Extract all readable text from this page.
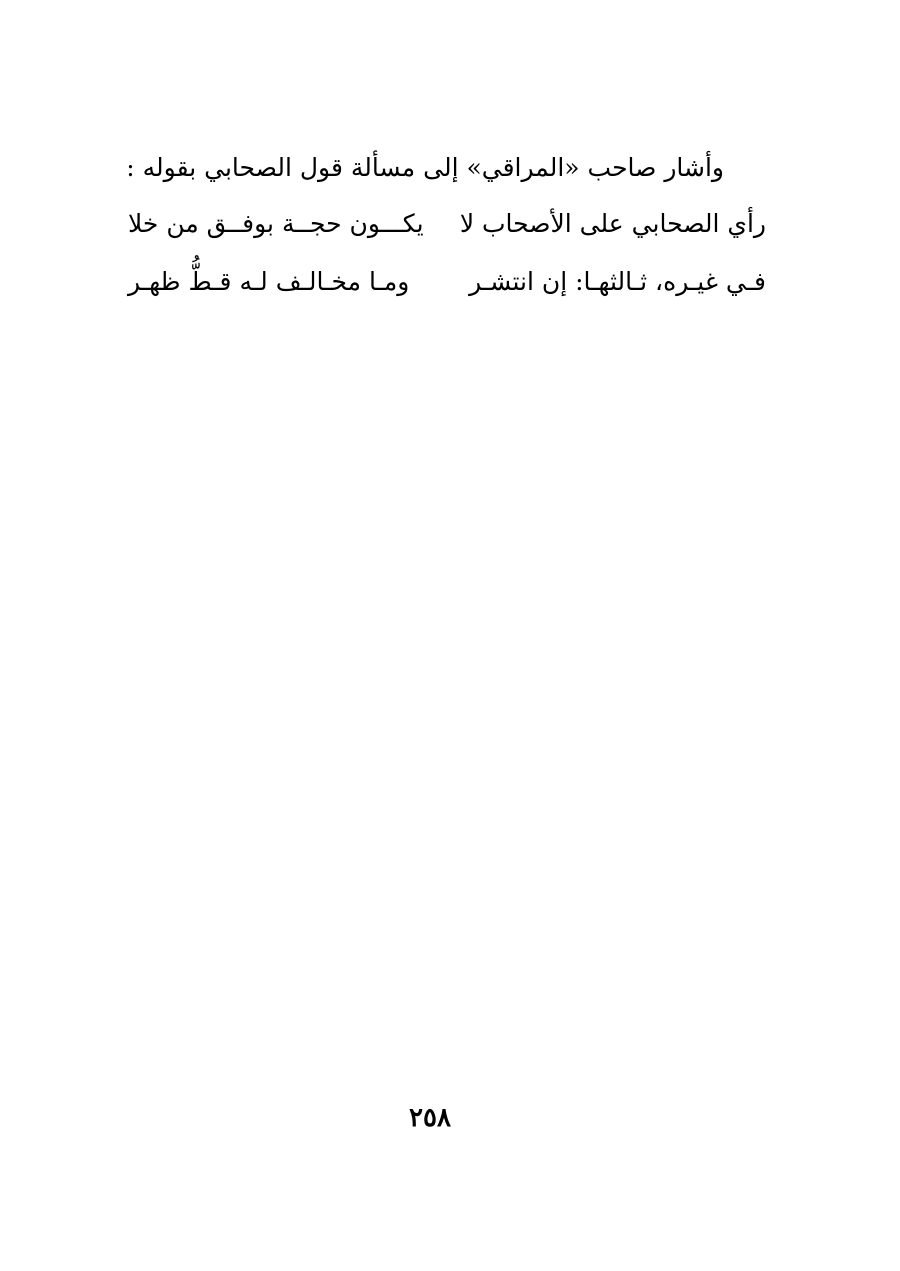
وأشار صاحب «المراقي» إلى مسألة قول الصحابي بقوله :
رأي الصحابي على الأصحاب لا
يكـــون حجــة بوفــق من خلا
فـي غيـره، ثـالثهـا: إن انتشـر
ومـا مخـالـف لـه قـطُّ ظهـر
٢٥٨
